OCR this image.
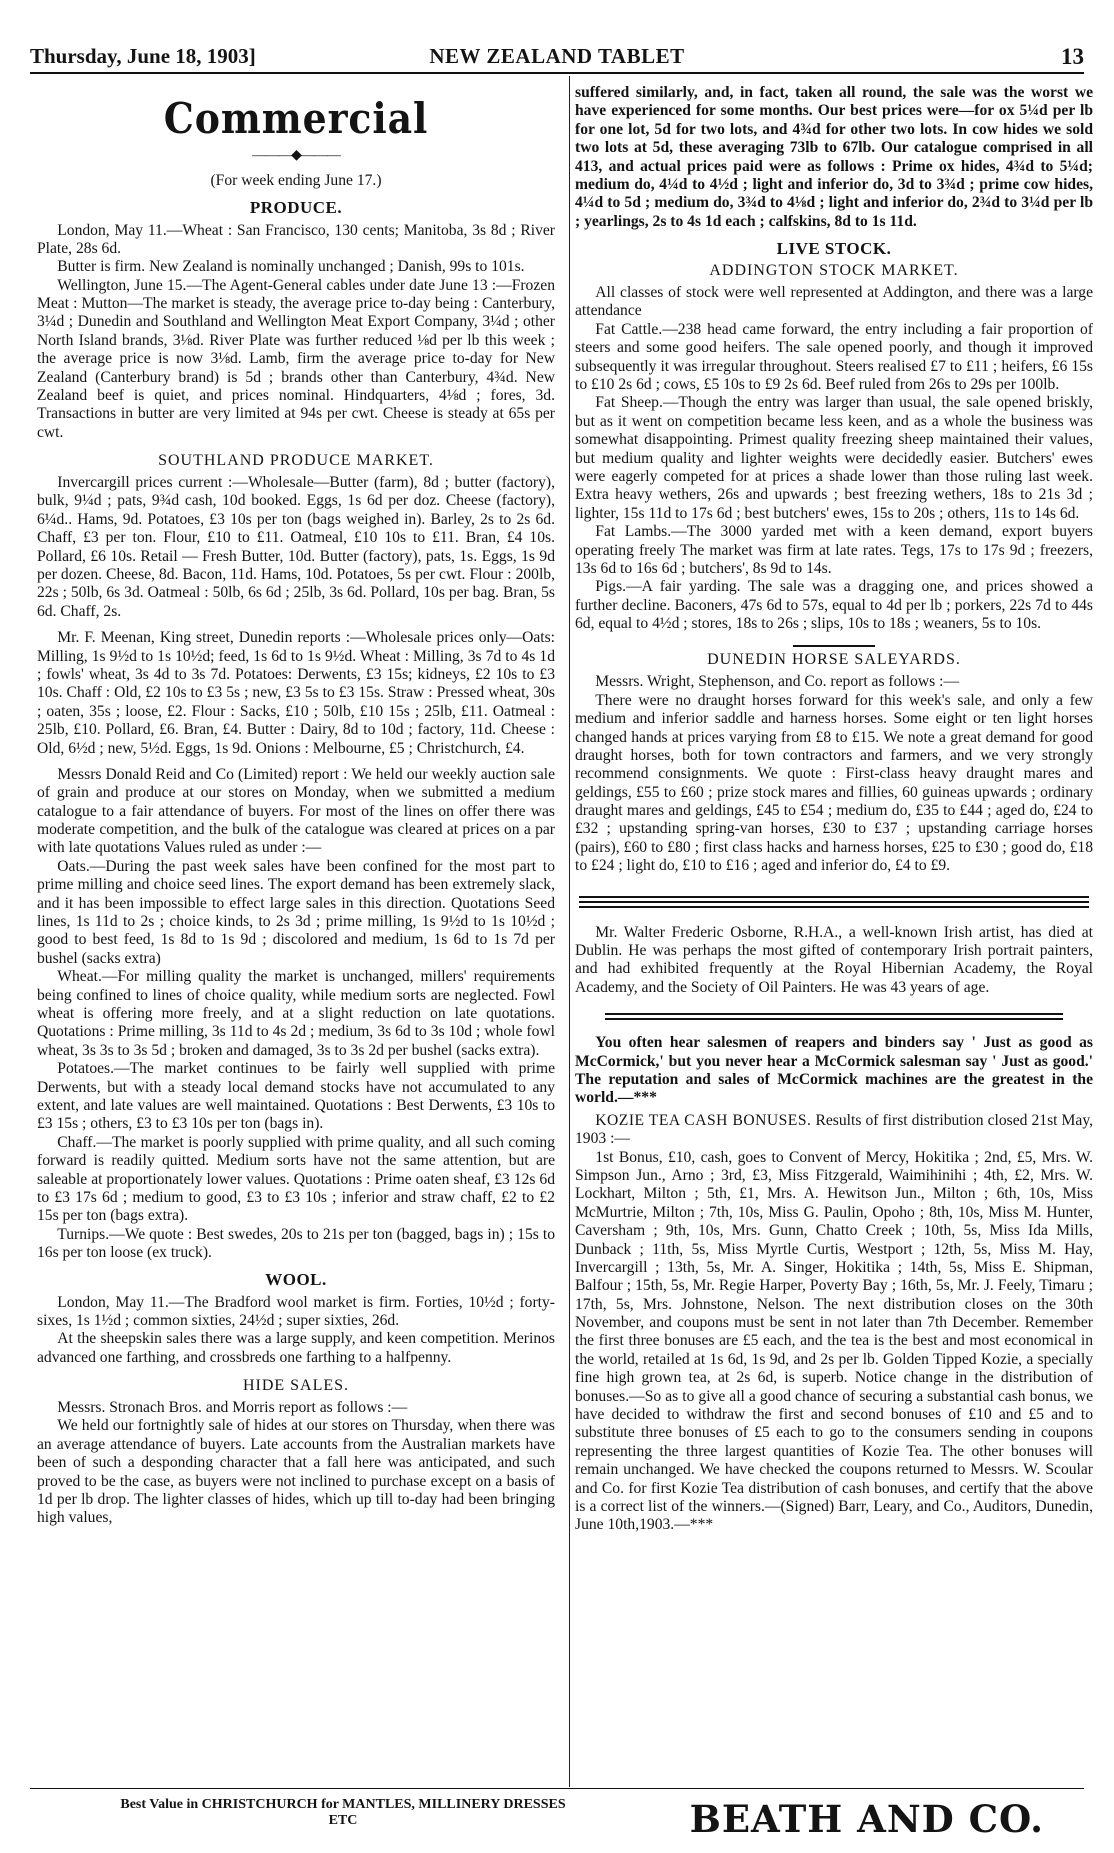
Thursday, June 18, 1903]	NEW ZEALAND TABLET	13
Commercial
———◆———
(For week ending June 17.)
PRODUCE.

London, May 11.—Wheat : San Francisco, 130 cents; Manitoba, 3s 8d ; River Plate, 28s 6d.

Butter is firm. New Zealand is nominally unchanged ; Danish, 99s to 101s.

Wellington, June 15.—The Agent-General cables under date June 13 :—Frozen Meat : Mutton—The market is steady, the average price to-day being : Canterbury, 3¼d ; Dunedin and Southland and Wellington Meat Export Company, 3¼d ; other North Island brands, 3⅛d. River Plate was further reduced ⅛d per lb this week ; the average price is now 3⅛d. Lamb, firm the average price to-day for New Zealand (Canterbury brand) is 5d ; brands other than Canterbury, 4¾d. New Zealand beef is quiet, and prices nominal. Hindquarters, 4⅛d ; fores, 3d. Transactions in butter are very limited at 94s per cwt. Cheese is steady at 65s per cwt.

SOUTHLAND PRODUCE MARKET.

Invercargill prices current :—Wholesale—Butter (farm), 8d ; butter (factory), bulk, 9¼d ; pats, 9¾d cash, 10d booked. Eggs, 1s 6d per doz. Cheese (factory), 6¼d.. Hams, 9d. Potatoes, £3 10s per ton (bags weighed in). Barley, 2s to 2s 6d. Chaff, £3 per ton. Flour, £10 to £11. Oatmeal, £10 10s to £11. Bran, £4 10s. Pollard, £6 10s. Retail — Fresh Butter, 10d. Butter (factory), pats, 1s. Eggs, 1s 9d per dozen. Cheese, 8d. Bacon, 11d. Hams, 10d. Potatoes, 5s per cwt. Flour : 200lb, 22s ; 50lb, 6s 3d. Oatmeal : 50lb, 6s 6d ; 25lb, 3s 6d. Pollard, 10s per bag. Bran, 5s 6d. Chaff, 2s.

Mr. F. Meenan, King street, Dunedin reports :—Wholesale prices only—Oats: Milling, 1s 9½d to 1s 10½d; feed, 1s 6d to 1s 9½d. Wheat : Milling, 3s 7d to 4s 1d ; fowls' wheat, 3s 4d to 3s 7d. Potatoes: Derwents, £3 15s; kidneys, £2 10s to £3 10s. Chaff : Old, £2 10s to £3 5s ; new, £3 5s to £3 15s. Straw : Pressed wheat, 30s ; oaten, 35s ; loose, £2. Flour : Sacks, £10 ; 50lb, £10 15s ; 25lb, £11. Oatmeal : 25lb, £10. Pollard, £6. Bran, £4. Butter : Dairy, 8d to 10d ; factory, 11d. Cheese : Old, 6½d ; new, 5½d. Eggs, 1s 9d. Onions : Melbourne, £5 ; Christchurch, £4.

Messrs Donald Reid and Co (Limited) report : We held our weekly auction sale of grain and produce at our stores on Monday, when we submitted a medium catalogue to a fair attendance of buyers. For most of the lines on offer there was moderate competition, and the bulk of the catalogue was cleared at prices on a par with late quotations Values ruled as under :—

Oats.—During the past week sales have been confined for the most part to prime milling and choice seed lines. The export demand has been extremely slack, and it has been impossible to effect large sales in this direction. Quotations Seed lines, 1s 11d to 2s ; choice kinds, to 2s 3d ; prime milling, 1s 9½d to 1s 10½d ; good to best feed, 1s 8d to 1s 9d ; discolored and medium, 1s 6d to 1s 7d per bushel (sacks extra)

Wheat.—For milling quality the market is unchanged, millers' requirements being confined to lines of choice quality, while medium sorts are neglected. Fowl wheat is offering more freely, and at a slight reduction on late quotations. Quotations : Prime milling, 3s 11d to 4s 2d ; medium, 3s 6d to 3s 10d ; whole fowl wheat, 3s 3s to 3s 5d ; broken and damaged, 3s to 3s 2d per bushel (sacks extra).

Potatoes.—The market continues to be fairly well supplied with prime Derwents, but with a steady local demand stocks have not accumulated to any extent, and late values are well maintained. Quotations : Best Derwents, £3 10s to £3 15s ; others, £3 to £3 10s per ton (bags in).

Chaff.—The market is poorly supplied with prime quality, and all such coming forward is readily quitted. Medium sorts have not the same attention, but are saleable at proportionately lower values. Quotations : Prime oaten sheaf, £3 12s 6d to £3 17s 6d ; medium to good, £3 to £3 10s ; inferior and straw chaff, £2 to £2 15s per ton (bags extra).

Turnips.—We quote : Best swedes, 20s to 21s per ton (bagged, bags in) ; 15s to 16s per ton loose (ex truck).

WOOL.

London, May 11.—The Bradford wool market is firm. Forties, 10½d ; forty-sixes, 1s 1½d ; common sixties, 24½d ; super sixties, 26d.

At the sheepskin sales there was a large supply, and keen competition. Merinos advanced one farthing, and crossbreds one farthing to a halfpenny.

HIDE SALES.

Messrs. Stronach Bros. and Morris report as follows :—

We held our fortnightly sale of hides at our stores on Thursday, when there was an average attendance of buyers. Late accounts from the Australian markets have been of such a desponding character that a fall here was anticipated, and such proved to be the case, as buyers were not inclined to purchase except on a basis of 1d per lb drop. The lighter classes of hides, which up till to-day had been bringing high values,

suffered similarly, and, in fact, taken all round, the sale was the worst we have experienced for some months. Our best prices were—for ox 5¼d per lb for one lot, 5d for two lots, and 4¾d for other two lots. In cow hides we sold two lots at 5d, these averaging 73lb to 67lb. Our catalogue comprised in all 413, and actual prices paid were as follows : Prime ox hides, 4¾d to 5¼d; medium do, 4¼d to 4½d ; light and inferior do, 3d to 3¾d ; prime cow hides, 4¼d to 5d ; medium do, 3¾d to 4⅛d ; light and inferior do, 2¾d to 3¼d per lb ; yearlings, 2s to 4s 1d each ; calfskins, 8d to 1s 11d.

LIVE STOCK.
ADDINGTON STOCK MARKET.

All classes of stock were well represented at Addington, and there was a large attendance

Fat Cattle.—238 head came forward, the entry including a fair proportion of steers and some good heifers. The sale opened poorly, and though it improved subsequently it was irregular throughout. Steers realised £7 to £11 ; heifers, £6 15s to £10 2s 6d ; cows, £5 10s to £9 2s 6d. Beef ruled from 26s to 29s per 100lb.

Fat Sheep.—Though the entry was larger than usual, the sale opened briskly, but as it went on competition became less keen, and as a whole the business was somewhat disappointing. Primest quality freezing sheep maintained their values, but medium quality and lighter weights were decidedly easier. Butchers' ewes were eagerly competed for at prices a shade lower than those ruling last week. Extra heavy wethers, 26s and upwards ; best freezing wethers, 18s to 21s 3d ; lighter, 15s 11d to 17s 6d ; best butchers' ewes, 15s to 20s ; others, 11s to 14s 6d.

Fat Lambs.—The 3000 yarded met with a keen demand, export buyers operating freely The market was firm at late rates. Tegs, 17s to 17s 9d ; freezers, 13s 6d to 16s 6d ; butchers', 8s 9d to 14s.

Pigs.—A fair yarding. The sale was a dragging one, and prices showed a further decline. Baconers, 47s 6d to 57s, equal to 4d per lb ; porkers, 22s 7d to 44s 6d, equal to 4½d ; stores, 18s to 26s ; slips, 10s to 18s ; weaners, 5s to 10s.

DUNEDIN HORSE SALEYARDS.

Messrs. Wright, Stephenson, and Co. report as follows :—

There were no draught horses forward for this week's sale, and only a few medium and inferior saddle and harness horses. Some eight or ten light horses changed hands at prices varying from £8 to £15. We note a great demand for good draught horses, both for town contractors and farmers, and we very strongly recommend consignments. We quote : First-class heavy draught mares and geldings, £55 to £60 ; prize stock mares and fillies, 60 guineas upwards ; ordinary draught mares and geldings, £45 to £54 ; medium do, £35 to £44 ; aged do, £24 to £32 ; upstanding spring-van horses, £30 to £37 ; upstanding carriage horses (pairs), £60 to £80 ; first class hacks and harness horses, £25 to £30 ; good do, £18 to £24 ; light do, £10 to £16 ; aged and inferior do, £4 to £9.

Mr. Walter Frederic Osborne, R.H.A., a well-known Irish artist, has died at Dublin. He was perhaps the most gifted of contemporary Irish portrait painters, and had exhibited frequently at the Royal Hibernian Academy, the Royal Academy, and the Society of Oil Painters. He was 43 years of age.

You often hear salesmen of reapers and binders say ' Just as good as McCormick,' but you never hear a McCormick salesman say ' Just as good.' The reputation and sales of McCormick machines are the greatest in the world.—***

KOZIE TEA CASH BONUSES. Results of first distribution closed 21st May, 1903 :—

1st Bonus, £10, cash, goes to Convent of Mercy, Hokitika ; 2nd, £5, Mrs. W. Simpson Jun., Arno ; 3rd, £3, Miss Fitzgerald, Waimihinihi ; 4th, £2, Mrs. W. Lockhart, Milton ; 5th, £1, Mrs. A. Hewitson Jun., Milton ; 6th, 10s, Miss McMurtrie, Milton ; 7th, 10s, Miss G. Paulin, Opoho ; 8th, 10s, Miss M. Hunter, Caversham ; 9th, 10s, Mrs. Gunn, Chatto Creek ; 10th, 5s, Miss Ida Mills, Dunback ; 11th, 5s, Miss Myrtle Curtis, Westport ; 12th, 5s, Miss M. Hay, Invercargill ; 13th, 5s, Mr. A. Singer, Hokitika ; 14th, 5s, Miss E. Shipman, Balfour ; 15th, 5s, Mr. Regie Harper, Poverty Bay ; 16th, 5s, Mr. J. Feely, Timaru ; 17th, 5s, Mrs. Johnstone, Nelson. The next distribution closes on the 30th November, and coupons must be sent in not later than 7th December. Remember the first three bonuses are £5 each, and the tea is the best and most economical in the world, retailed at 1s 6d, 1s 9d, and 2s per lb. Golden Tipped Kozie, a specially fine high grown tea, at 2s 6d, is superb. Notice change in the distribution of bonuses.—So as to give all a good chance of securing a substantial cash bonus, we have decided to withdraw the first and second bonuses of £10 and £5 and to substitute three bonuses of £5 each to go to the consumers sending in coupons representing the three largest quantities of Kozie Tea. The other bonuses will remain unchanged. We have checked the coupons returned to Messrs. W. Scoular and Co. for first Kozie Tea distribution of cash bonuses, and certify that the above is a correct list of the winners.—(Signed) Barr, Leary, and Co., Auditors, Dunedin, June 10th,1903.—***

Best Value in CHRISTCHURCH for MANTLES, MILLINERY DRESSES ETC	BEATH AND CO.
